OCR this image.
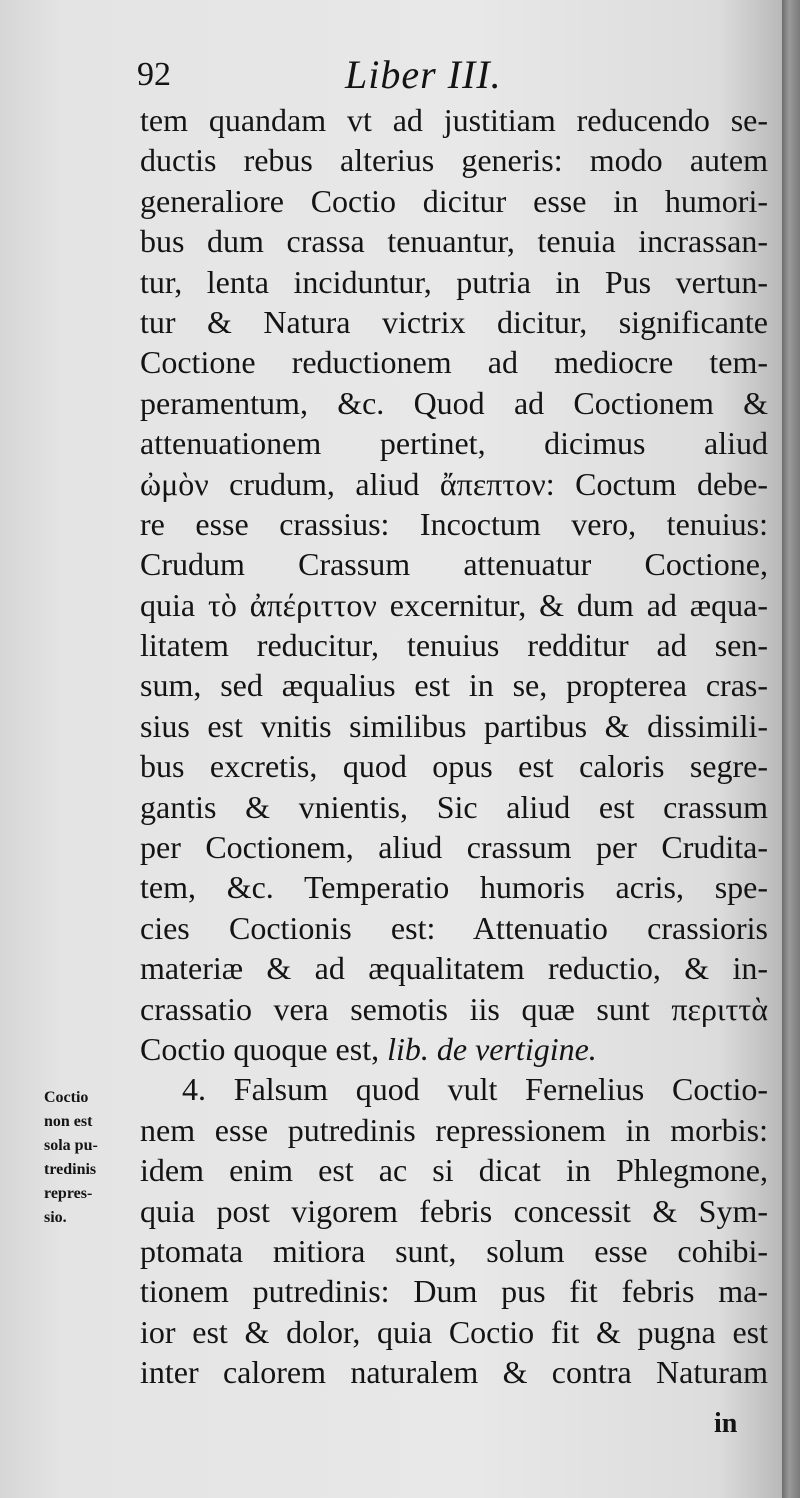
92	Liber III.
tem quandam vt ad justitiam reducendo se-
ductis rebus alterius generis: modo autem
generaliore Coctio dicitur esse in humori-
bus dum crassa tenuantur, tenuia incrassan-
tur, lenta inciduntur, putria in Pus vertun-
tur & Natura victrix dicitur, significante
Coctione reductionem ad mediocre tem-
peramentum, &c. Quod ad Coctionem &
attenuationem pertinet, dicimus aliud
ὠμὸν crudum, aliud ἄπεπτον: Coctum debe-
re esse crassius: Incoctum vero, tenuius:
Crudum Crassum attenuatur Coctione,
quia τὸ ἀπέριττον excernitur, & dum ad æqua-
litatem reducitur, tenuius redditur ad sen-
sum, sed æqualius est in se, propterea cras-
sius est vnitis similibus partibus & dissimili-
bus excretis, quod opus est caloris segre-
gantis & vnientis, Sic aliud est crassum
per Coctionem, aliud crassum per Crudita-
tem, &c. Temperatio humoris acris, spe-
cies Coctionis est: Attenuatio crassioris
materiæ & ad æqualitatem reductio, & in-
crassatio vera semotis iis quæ sunt περιττὰ
Coctio quoque est, lib. de vertigine.
4. Falsum quod vult Fernelius Coctio-
nem esse putredinis repressionem in morbis:
idem enim est ac si dicat in Phlegmone,
quia post vigorem febris concessit & Sym-
ptomata mitiora sunt, solum esse cohibi-
tionem putredinis: Dum pus fit febris ma-
ior est & dolor, quia Coctio fit & pugna est
inter calorem naturalem & contra Naturam
Coctio
non est
sola pu-
tredinis
repres-
sio.
in
